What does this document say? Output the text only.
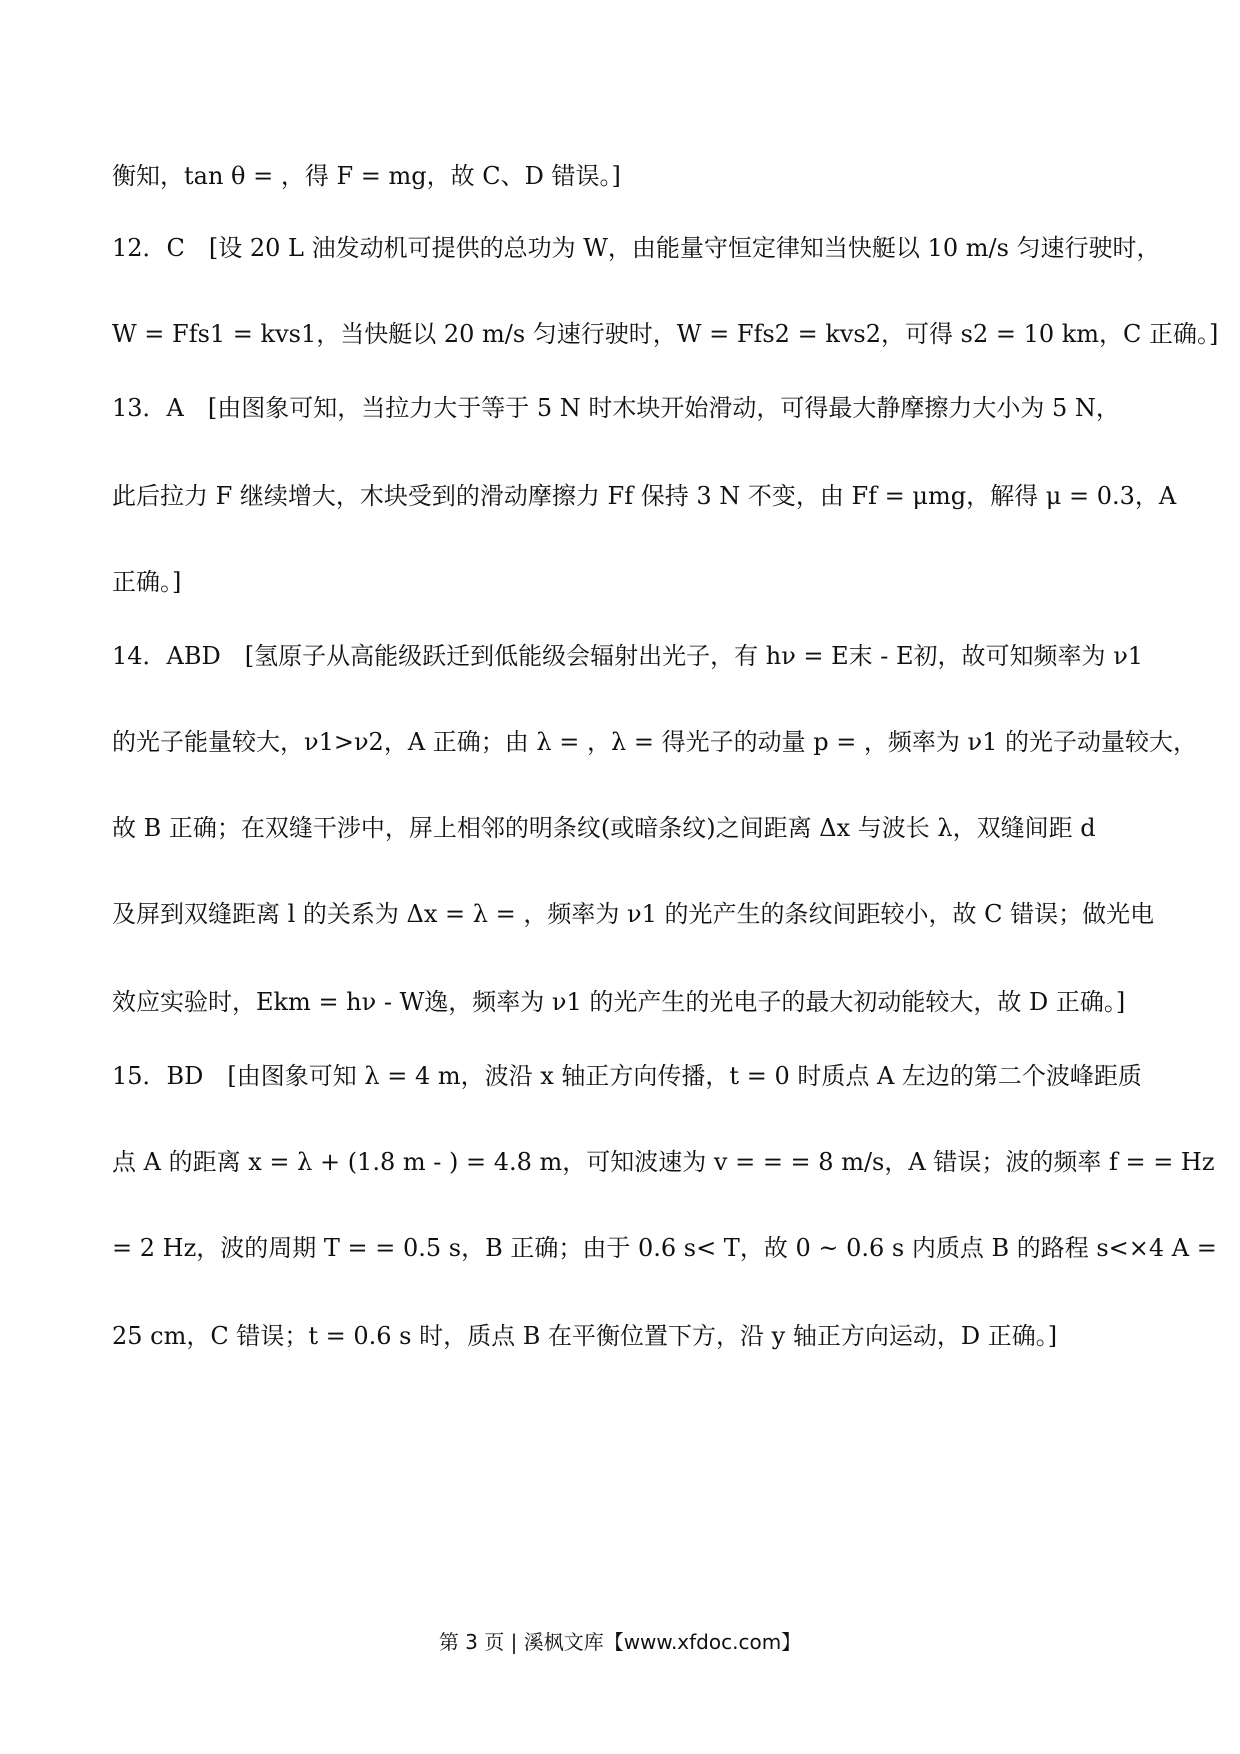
衡知，tan θ = ，得 F = mg，故 C、D 错误。]
12．C　[设 20 L 油发动机可提供的总功为 W，由能量守恒定律知当快艇以 10 m/s 匀速行驶时，
W = Ffs1 = kvs1，当快艇以 20 m/s 匀速行驶时，W = Ffs2 = kvs2，可得 s2 = 10 km，C 正确。]
13．A　[由图象可知，当拉力大于等于 5 N 时木块开始滑动，可得最大静摩擦力大小为 5 N，
此后拉力 F 继续增大，木块受到的滑动摩擦力 Ff 保持 3 N 不变，由 Ff = μmg，解得 μ = 0.3，A
正确。]
14．ABD　[氢原子从高能级跃迁到低能级会辐射出光子，有 hν = E末 - E初，故可知频率为 ν1
的光子能量较大，ν1>ν2，A 正确；由 λ = ，λ = 得光子的动量 p = ，频率为 ν1 的光子动量较大，
故 B 正确；在双缝干涉中，屏上相邻的明条纹(或暗条纹)之间距离 Δx 与波长 λ，双缝间距 d
及屏到双缝距离 l 的关系为 Δx = λ = ，频率为 ν1 的光产生的条纹间距较小，故 C 错误；做光电
效应实验时，Ekm = hν - W逸，频率为 ν1 的光产生的光电子的最大初动能较大，故 D 正确。]
15．BD　[由图象可知 λ = 4 m，波沿 x 轴正方向传播，t = 0 时质点 A 左边的第二个波峰距质
点 A 的距离 x = λ + (1.8 m - ) = 4.8 m，可知波速为 v = = = 8 m/s，A 错误；波的频率 f = = Hz
= 2 Hz，波的周期 T = = 0.5 s，B 正确；由于 0.6 s< T，故 0 ~ 0.6 s 内质点 B 的路程 s<×4 A =
25 cm，C 错误；t = 0.6 s 时，质点 B 在平衡位置下方，沿 y 轴正方向运动，D 正确。]
第 3 页 | 溪枫文库【www.xfdoc.com】
